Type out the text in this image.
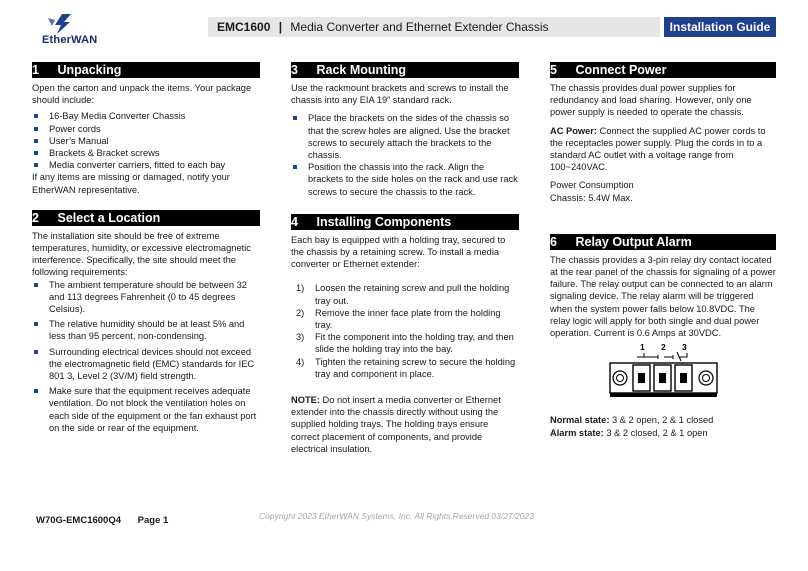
EtherWAN
EMC1600 | Media Converter and Ethernet Extender Chassis	Installation Guide
1 Unpacking

Open the carton and unpack the items. Your package should include:

16-Bay Media Converter Chassis
Power cords
User’s Manual
Brackets & Bracket screws
Media converter carriers, fitted to each bay

If any items are missing or damaged, notify your EtherWAN representative.

2 Select a Location

The installation site should be free of extreme temperatures, humidity, or excessive electromagnetic interference. Specifically, the site should meet the following requirements:

The ambient temperature should be between 32 and 113 degrees Fahrenheit (0 to 45 degrees Celsius).
The relative humidity should be at least 5% and less than 95 percent, non-condensing.
Surrounding electrical devices should not exceed the electromagnetic field (EMC) standards for IEC 801 3, Level 2 (3V/M) field strength.
Make sure that the equipment receives adequate ventilation. Do not block the ventilation holes on each side of the equipment or the fan exhaust port on the side or rear of the equipment.
3 Rack Mounting

Use the rackmount brackets and screws to install the chassis into any EIA 19” standard rack.

Place the brackets on the sides of the chassis so that the screw holes are aligned. Use the bracket screws to securely attach the brackets to the chassis.
Position the chassis into the rack. Align the brackets to the side holes on the rack and use rack screws to secure the chassis to the rack.
4 Installing Components

Each bay is equipped with a holding tray, secured to the chassis by a retaining screw. To install a media converter or Ethernet extender:

1) Loosen the retaining screw and pull the holding tray out.
2) Remove the inner face plate from the holding tray.
3) Fit the component into the holding tray, and then slide the holding tray into the bay.
4) Tighten the retaining screw to secure the holding tray and component in place.

NOTE: Do not insert a media converter or Ethernet extender into the chassis directly without using the supplied holding trays. The holding trays ensure correct placement of components, and provide electrical insulation.

5 Connect Power

The chassis provides dual power supplies for redundancy and load sharing. However, only one power supply is needed to operate the chassis.

AC Power: Connect the supplied AC power cords to the receptacles power supply. Plug the cords in to a standard AC outlet with a voltage range from 100~240VAC.

Power Consumption
Chassis: 5.4W Max.

6 Relay Output Alarm

The chassis provides a 3-pin relay dry contact located at the rear panel of the chassis for signaling of a power failure. The relay output can be connected to an alarm signaling device. The relay alarm will be triggered when the system power falls below 10.8VDC. The relay logic will apply for both single and dual power operation. Current is 0.6 Amps at 30VDC.

1 2 3

Normal state: 3 & 2 open, 2 & 1 closed

Alarm state: 3 & 2 closed, 2 & 1 open

W70G-EMC1600Q4 Page 1	Copyright 2023 EtherWAN Systems, Inc. All Rights Reserved 03/27/2023
